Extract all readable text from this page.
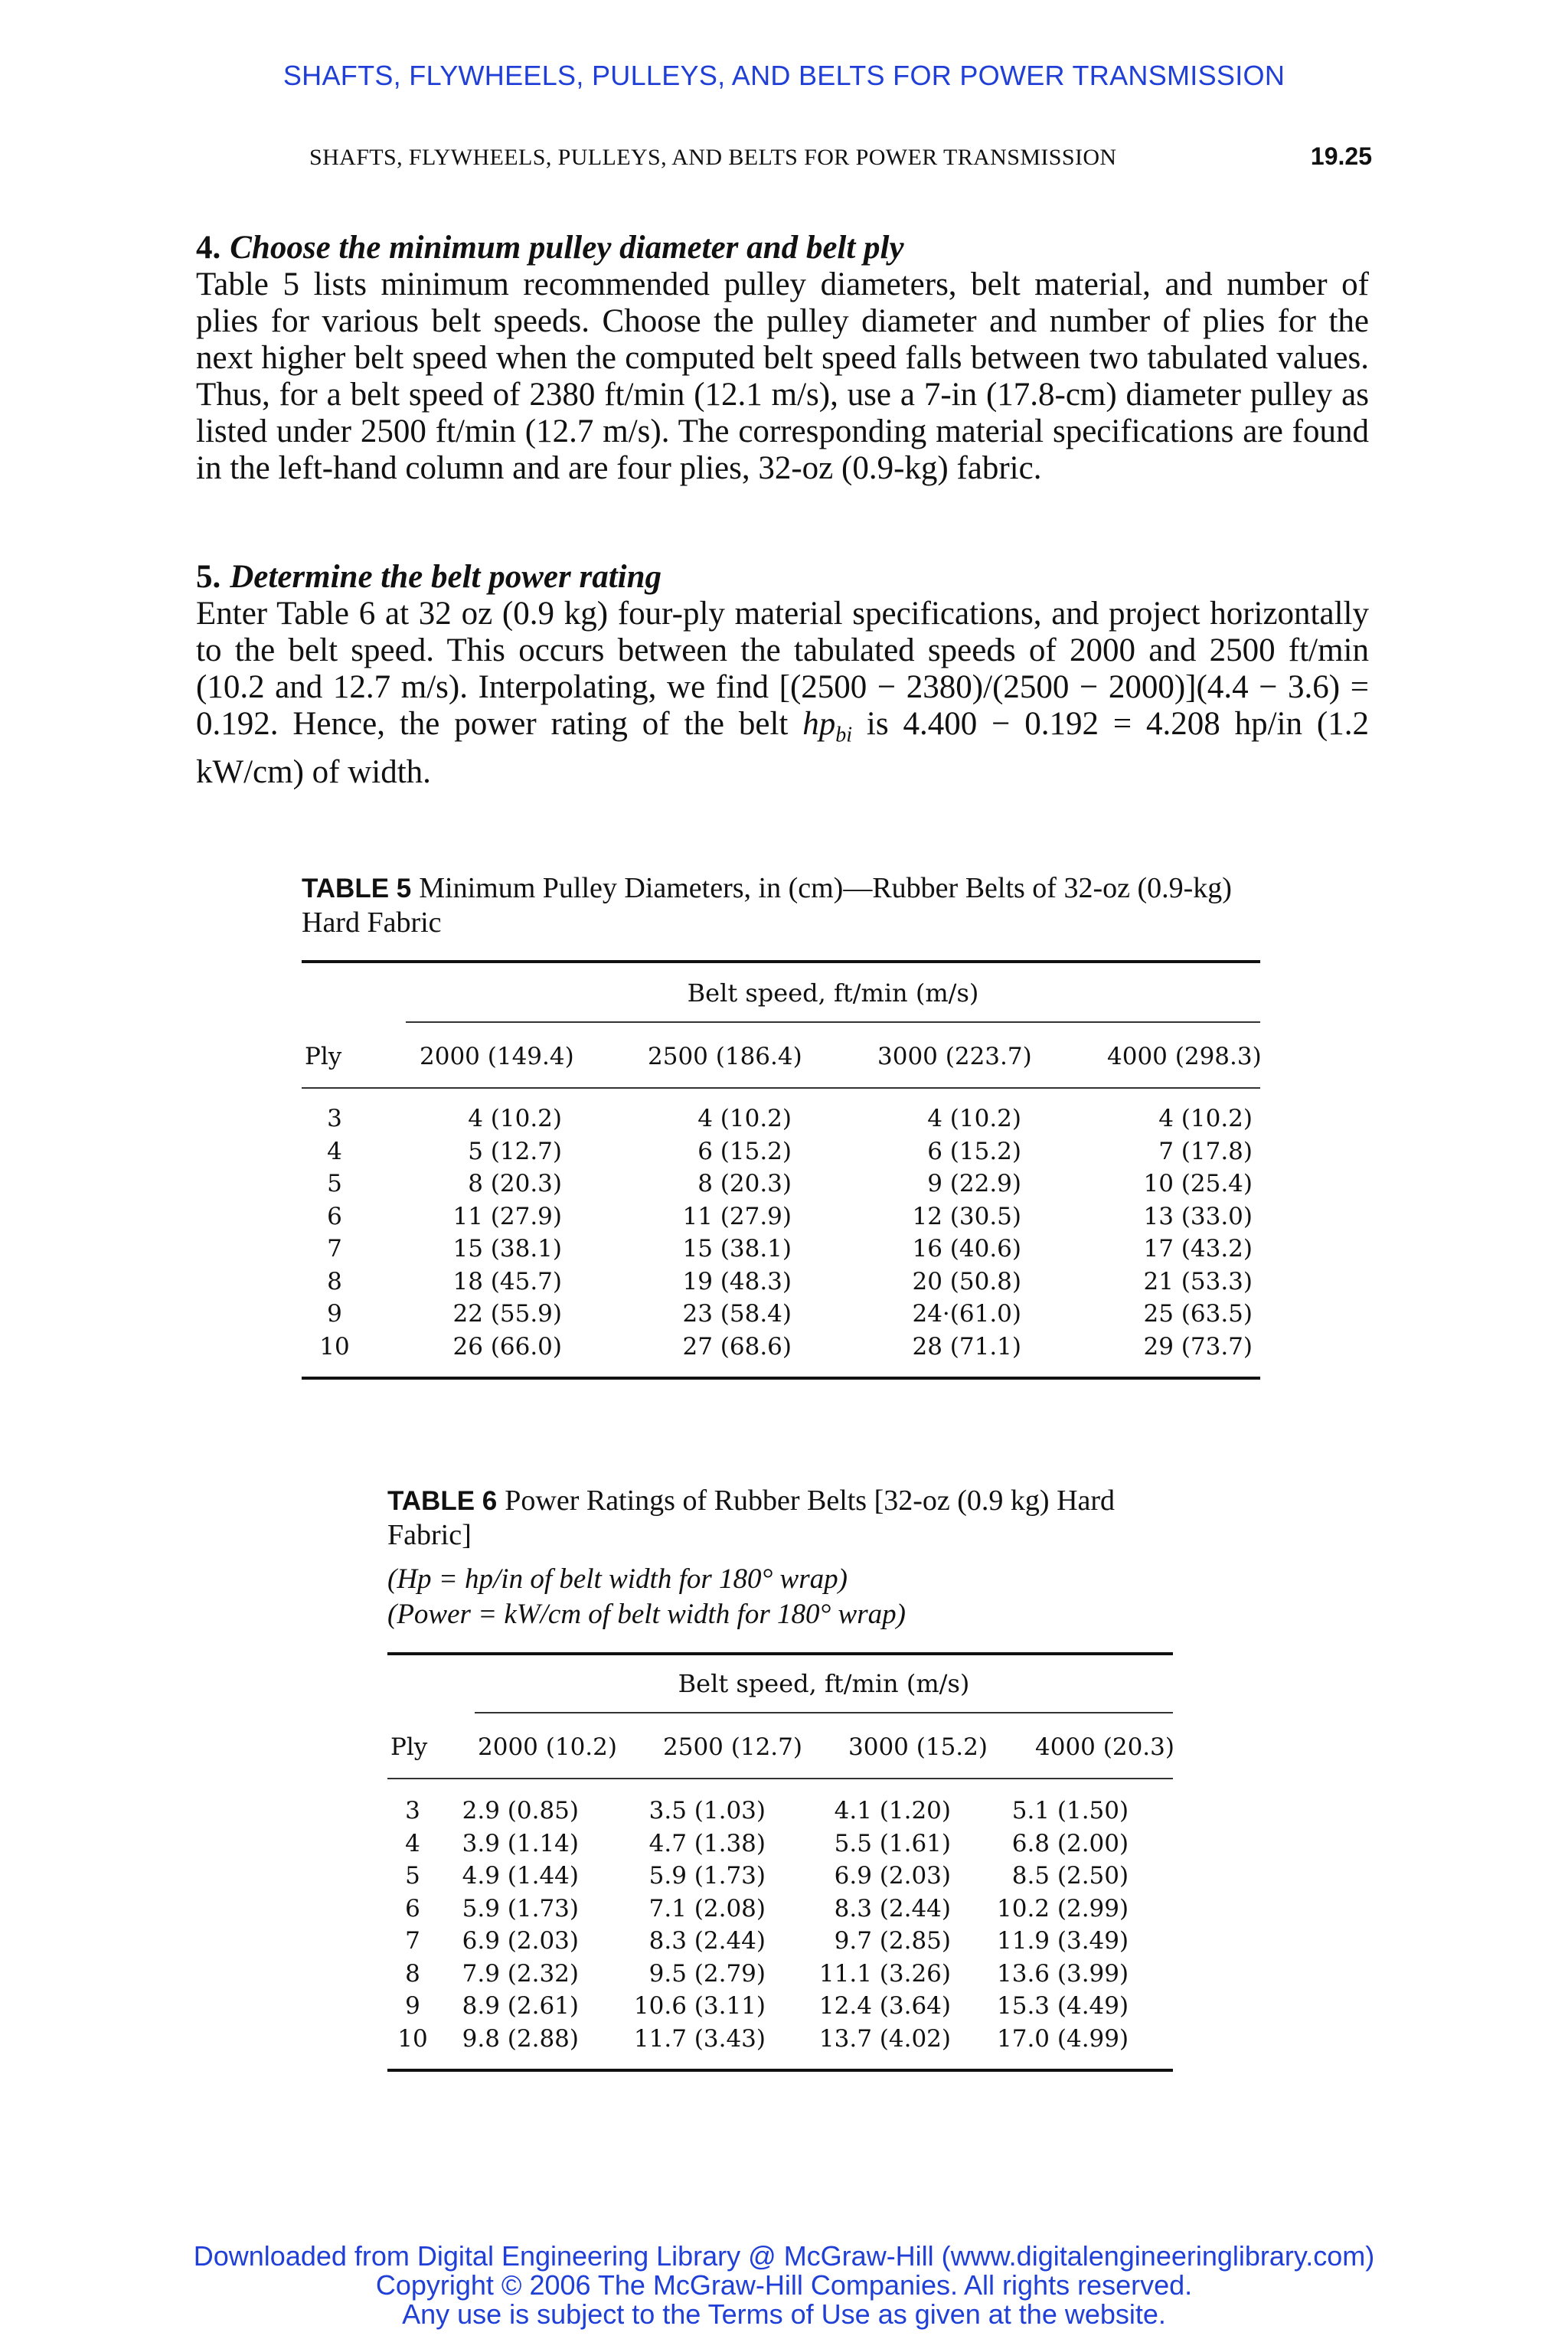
SHAFTS, FLYWHEELS, PULLEYS, AND BELTS FOR POWER TRANSMISSION
SHAFTS, FLYWHEELS, PULLEYS, AND BELTS FOR POWER TRANSMISSION	19.25
4. Choose the minimum pulley diameter and belt ply

Table 5 lists minimum recommended pulley diameters, belt material, and number of plies for various belt speeds. Choose the pulley diameter and number of plies for the next higher belt speed when the computed belt speed falls between two tabulated values. Thus, for a belt speed of 2380 ft/min (12.1 m/s), use a 7-in (17.8-cm) diameter pulley as listed under 2500 ft/min (12.7 m/s). The corresponding material specifications are found in the left-hand column and are four plies, 32-oz (0.9-kg) fabric.

5. Determine the belt power rating

Enter Table 6 at 32 oz (0.9 kg) four-ply material specifications, and project horizontally to the belt speed. This occurs between the tabulated speeds of 2000 and 2500 ft/min (10.2 and 12.7 m/s). Interpolating, we find [(2500 − 2380)/(2500 − 2000)](4.4 − 3.6) = 0.192. Hence, the power rating of the belt $hp_{bi}$ is 4.400 − 0.192 = 4.208 hp/in (1.2 kW/cm) of width.

TABLE 5 Minimum Pulley Diameters, in (cm)—Rubber Belts of 32-oz (0.9-kg) Hard Fabric
Belt speed, ft/min (m/s)
Ply	2000 (149.4)	2500 (186.4)	3000 (223.7)	4000 (298.3)
3	4 (10.2)	4 (10.2)	4 (10.2)	4 (10.2)
4	5 (12.7)	6 (15.2)	6 (15.2)	7 (17.8)
5	8 (20.3)	8 (20.3)	9 (22.9)	10 (25.4)
6	11 (27.9)	11 (27.9)	12 (30.5)	13 (33.0)
7	15 (38.1)	15 (38.1)	16 (40.6)	17 (43.2)
8	18 (45.7)	19 (48.3)	20 (50.8)	21 (53.3)
9	22 (55.9)	23 (58.4)	24·(61.0)	25 (63.5)
10	26 (66.0)	27 (68.6)	28 (71.1)	29 (73.7)
TABLE 6 Power Ratings of Rubber Belts [32-oz (0.9 kg) Hard Fabric]
(Hp = hp/in of belt width for 180° wrap)
(Power = kW/cm of belt width for 180° wrap)
Belt speed, ft/min (m/s)
Ply 2000 (10.2) 2500 (12.7) 3000 (15.2) 4000 (20.3)
3	2.9 (0.85)	3.5 (1.03)	4.1 (1.20)	5.1 (1.50)
4	3.9 (1.14)	4.7 (1.38)	5.5 (1.61)	6.8 (2.00)
5	4.9 (1.44)	5.9 (1.73)	6.9 (2.03)	8.5 (2.50)
6	5.9 (1.73)	7.1 (2.08)	8.3 (2.44)	10.2 (2.99)
7	6.9 (2.03)	8.3 (2.44)	9.7 (2.85)	11.9 (3.49)
8	7.9 (2.32)	9.5 (2.79)	11.1 (3.26)	13.6 (3.99)
9	8.9 (2.61)	10.6 (3.11)	12.4 (3.64)	15.3 (4.49)
10	9.8 (2.88)	11.7 (3.43)	13.7 (4.02)	17.0 (4.99)
Downloaded from Digital Engineering Library @ McGraw-Hill (www.digitalengineeringlibrary.com)
Copyright © 2006 The McGraw-Hill Companies. All rights reserved.
Any use is subject to the Terms of Use as given at the website.
